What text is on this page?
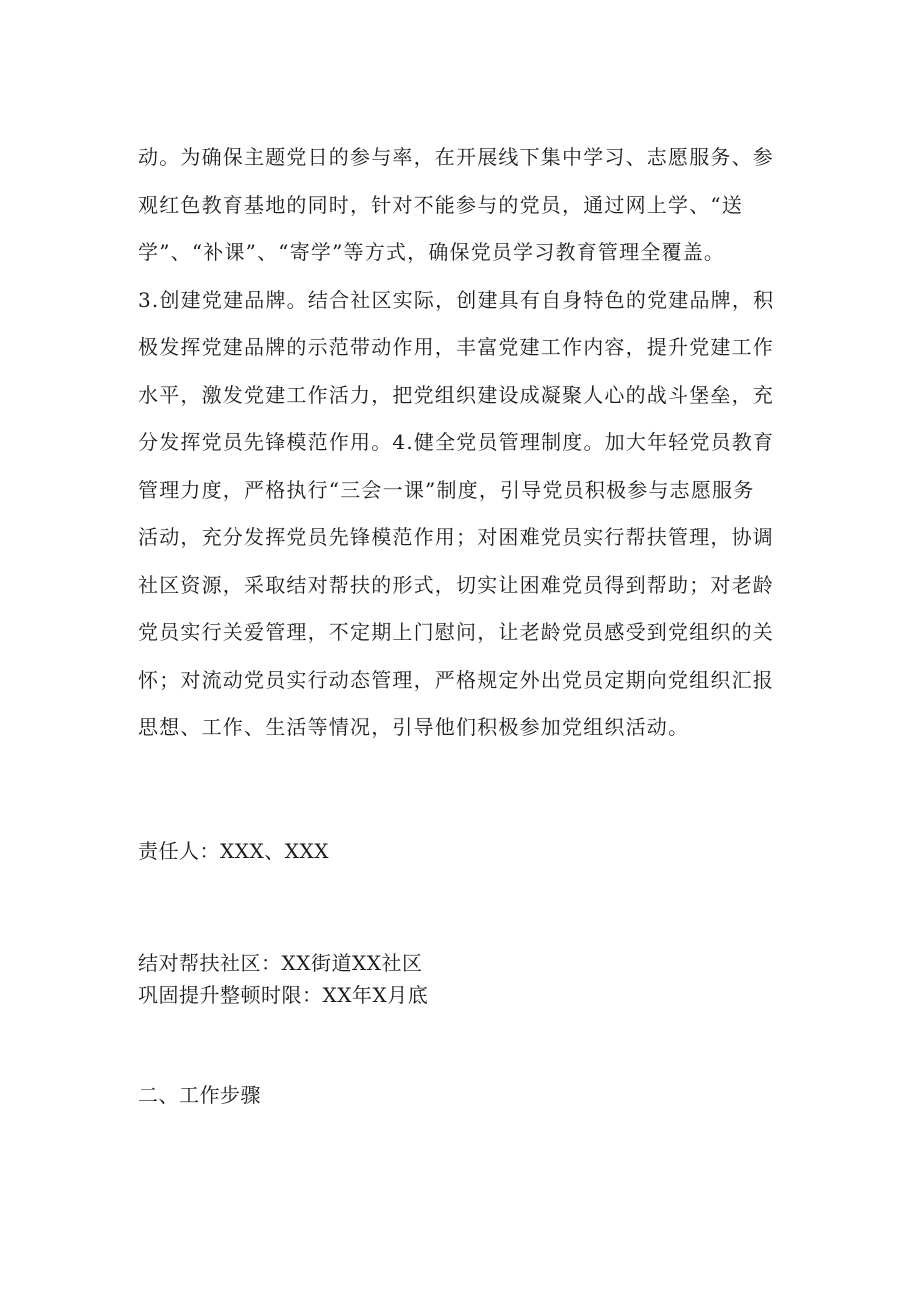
动。为确保主题党日的参与率，在开展线下集中学习、志愿服务、参
观红色教育基地的同时，针对不能参与的党员，通过网上学、“送
学”、“补课”、“寄学”等方式，确保党员学习教育管理全覆盖。
3.创建党建品牌。结合社区实际，创建具有自身特色的党建品牌，积
极发挥党建品牌的示范带动作用，丰富党建工作内容，提升党建工作
水平，激发党建工作活力，把党组织建设成凝聚人心的战斗堡垒，充
分发挥党员先锋模范作用。4.健全党员管理制度。加大年轻党员教育
管理力度，严格执行“三会一课”制度，引导党员积极参与志愿服务
活动，充分发挥党员先锋模范作用；对困难党员实行帮扶管理，协调
社区资源，采取结对帮扶的形式，切实让困难党员得到帮助；对老龄
党员实行关爱管理，不定期上门慰问，让老龄党员感受到党组织的关
怀；对流动党员实行动态管理，严格规定外出党员定期向党组织汇报
思想、工作、生活等情况，引导他们积极参加党组织活动。

责任人：XXX、XXX

结对帮扶社区：XX街道XX社区

巩固提升整顿时限：XX年X月底

二、工作步骤
